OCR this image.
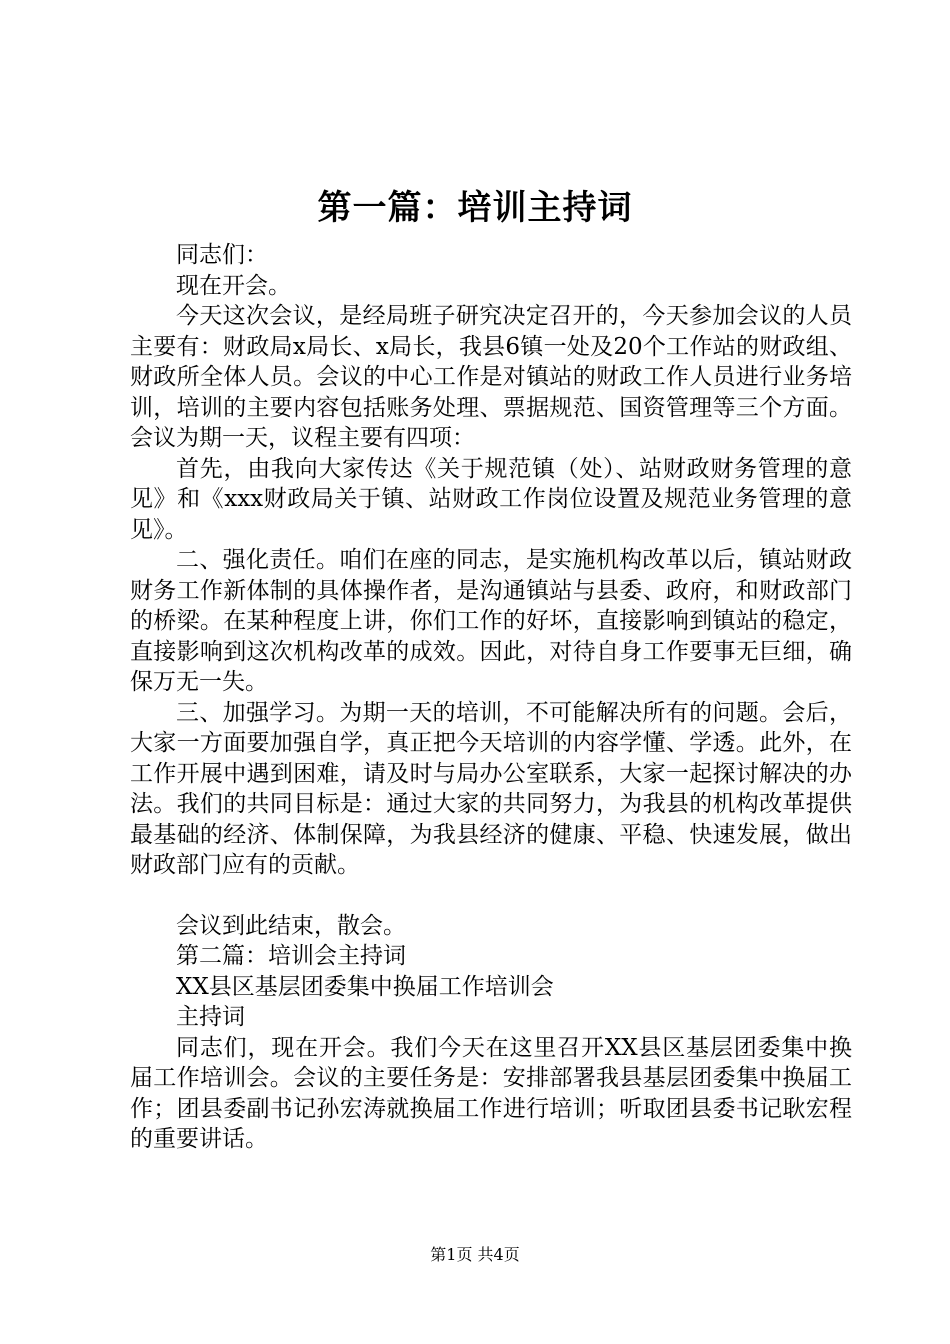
第一篇：培训主持词

同志们：

现在开会。

今天这次会议，是经局班子研究决定召开的，今天参加会议的人员主要有：财政局x局长、x局长，我县6镇一处及20个工作站的财政组、财政所全体人员。会议的中心工作是对镇站的财政工作人员进行业务培训，培训的主要内容包括账务处理、票据规范、国资管理等三个方面。会议为期一天，议程主要有四项：

首先，由我向大家传达《关于规范镇（处）、站财政财务管理的意见》和《xxx财政局关于镇、站财政工作岗位设置及规范业务管理的意见》。

二、强化责任。咱们在座的同志，是实施机构改革以后，镇站财政财务工作新体制的具体操作者，是沟通镇站与县委、政府，和财政部门的桥梁。在某种程度上讲，你们工作的好坏，直接影响到镇站的稳定，直接影响到这次机构改革的成效。因此，对待自身工作要事无巨细，确保万无一失。

三、加强学习。为期一天的培训，不可能解决所有的问题。会后，大家一方面要加强自学，真正把今天培训的内容学懂、学透。此外，在工作开展中遇到困难，请及时与局办公室联系，大家一起探讨解决的办法。我们的共同目标是：通过大家的共同努力，为我县的机构改革提供最基础的经济、体制保障，为我县经济的健康、平稳、快速发展，做出财政部门应有的贡献。

会议到此结束，散会。

第二篇：培训会主持词

XX县区基层团委集中换届工作培训会

主持词

同志们，现在开会。我们今天在这里召开XX县区基层团委集中换届工作培训会。会议的主要任务是：安排部署我县基层团委集中换届工作；团县委副书记孙宏涛就换届工作进行培训；听取团县委书记耿宏程的重要讲话。

第1页 共4页
